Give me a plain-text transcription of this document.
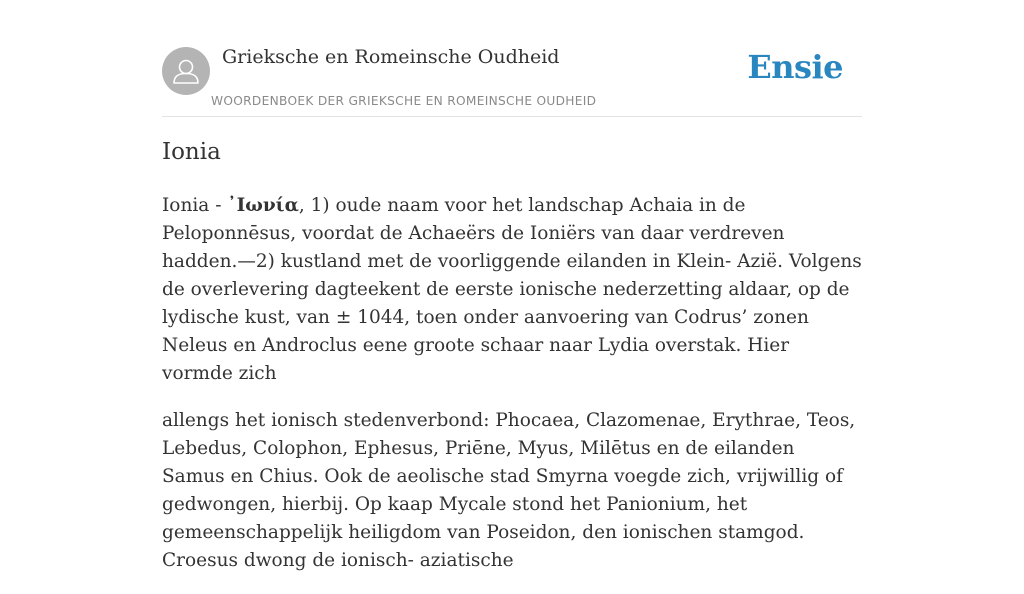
Grieksche en Romeinsche Oudheid
WOORDENBOEK DER GRIEKSCHE EN ROMEINSCHE OUDHEID
Ensie
Ionia

Ionia - ᾿Ιωνία, 1) oude naam voor het landschap Achaia in de Peloponnēsus, voordat de Achaeërs de Ioniërs van daar verdreven hadden.—2) kustland met de voorliggende eilanden in Klein- Azië. Volgens de overlevering dagteekent de eerste ionische nederzetting aldaar, op de lydische kust, van ± 1044, toen onder aanvoering van Codrus’ zonen Neleus en Androclus eene groote schaar naar Lydia overstak. Hier vormde zich

allengs het ionisch stedenverbond: Phocaea, Clazomenae, Erythrae, Teos, Lebedus, Colophon, Ephesus, Priēne, Myus, Milētus en de eilanden Samus en Chius. Ook de aeolische stad Smyrna voegde zich, vrijwillig of gedwongen, hierbij. Op kaap Mycale stond het Panionium, het gemeenschappelijk heiligdom van Poseidon, den ionischen stamgod. Croesus dwong de ionisch- aziatische
